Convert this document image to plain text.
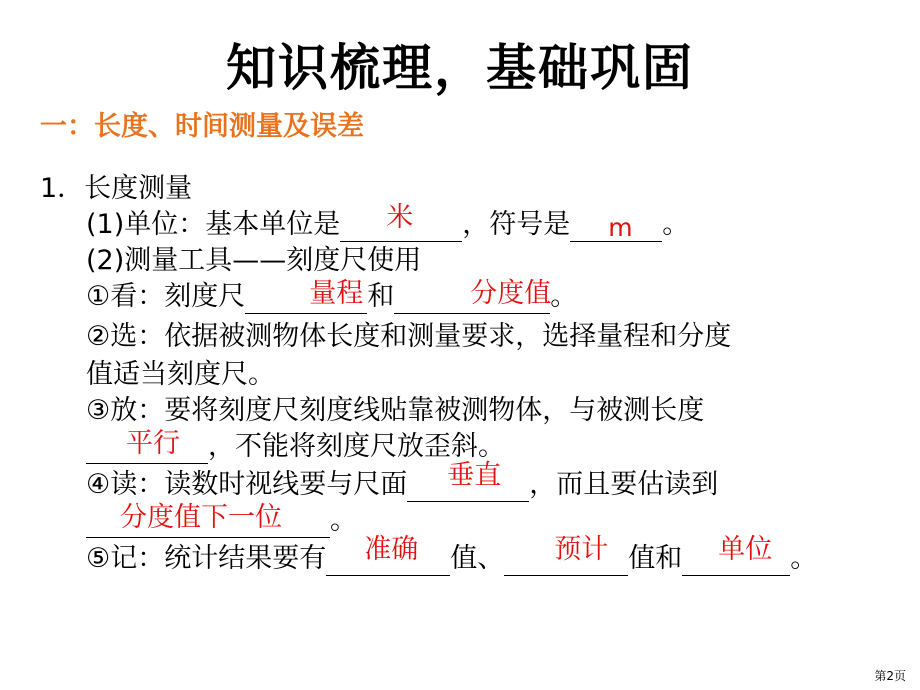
知识梳理，基础巩固
一：长度、时间测量及误差
1．长度测量
(1)单位：基本单位是 米 ，符号是 m 。
(2)测量工具——刻度尺使用
①看：刻度尺 量程 和	分度值 。
②选：依据被测物体长度和测量要求，选择量程和分度
值适当刻度尺。
③放：要将刻度尺刻度线贴靠被测物体，与被测长度
平行 ，不能将刻度尺放歪斜。
④读：读数时视线要与尺面 垂直 ，而且要估读到
分度值下一位 。
⑤记：统计结果要有 准确 值、 预计 值和 单位 。
第2页
